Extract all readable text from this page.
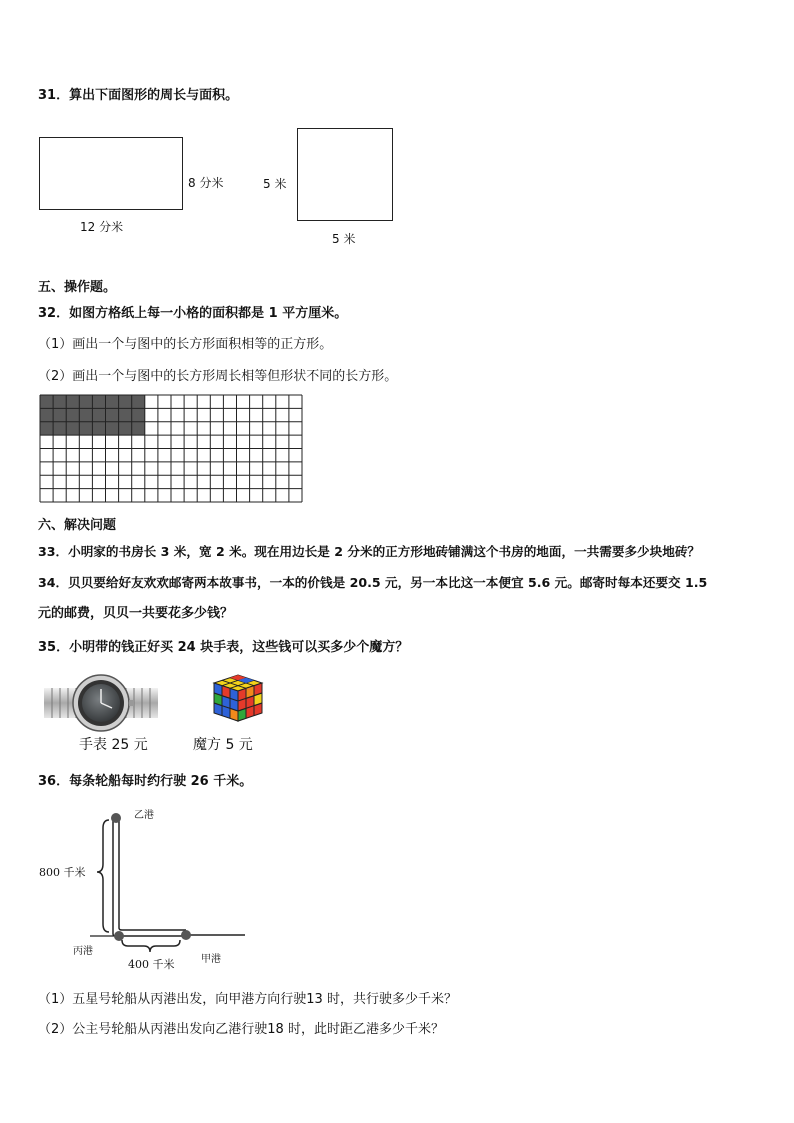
31．算出下面图形的周长与面积。
8 分米
12 分米
5 米
5 米
五、操作题。
32．如图方格纸上每一小格的面积都是 1 平方厘米。
（1）画出一个与图中的长方形面积相等的正方形。
（2）画出一个与图中的长方形周长相等但形状不同的长方形。
六、解决问题
33．小明家的书房长 3 米，宽 2 米。现在用边长是 2 分米的正方形地砖铺满这个书房的地面，一共需要多少块地砖？
34．贝贝要给好友欢欢邮寄两本故事书，一本的价钱是 20.5 元，另一本比这一本便宜 5.6 元。邮寄时每本还要交 1.5
元的邮费，贝贝一共要花多少钱？
35．小明带的钱正好买 24 块手表，这些钱可以买多少个魔方？
手表 25 元	魔方 5 元
36．每条轮船每时约行驶 26 千米。
乙港
800 千米
丙港
甲港
400 千米
（1）五星号轮船从丙港出发，向甲港方向行驶13 时，共行驶多少千米？
（2）公主号轮船从丙港出发向乙港行驶18 时，此时距乙港多少千米？
